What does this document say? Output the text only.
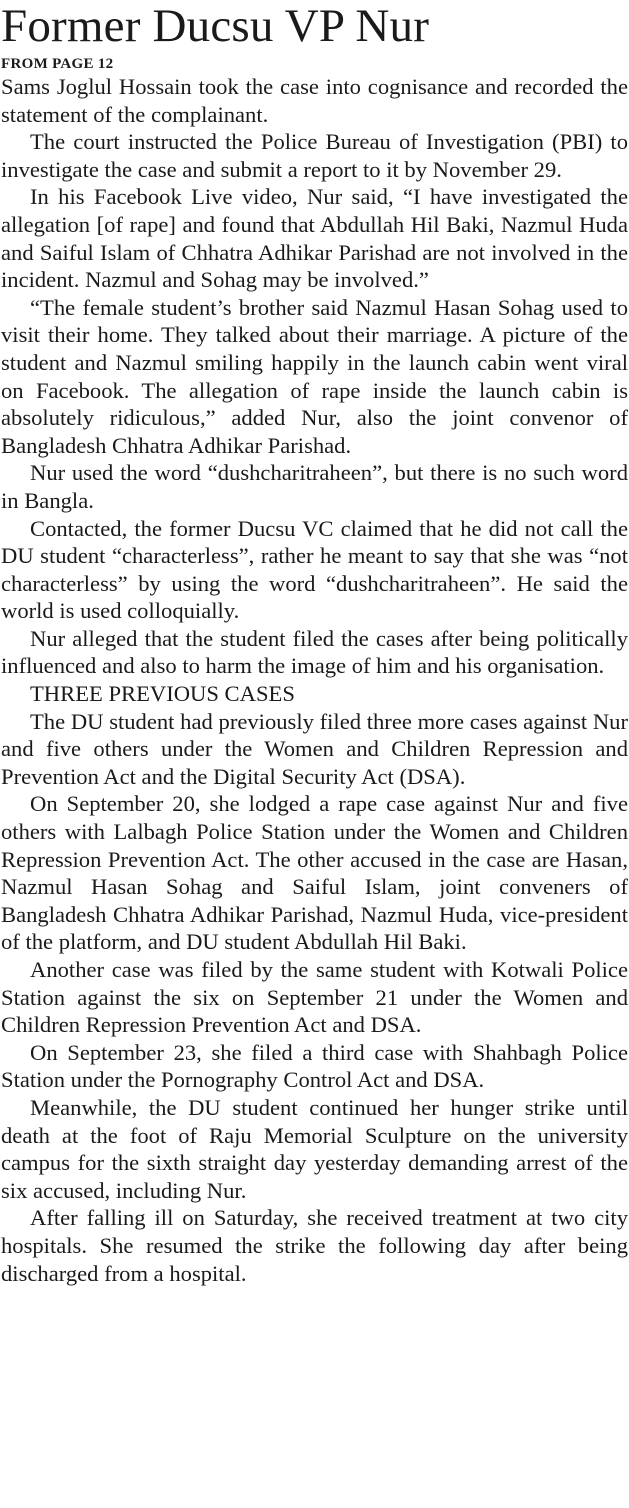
Former Ducsu VP Nur
FROM PAGE 12

Sams Joglul Hossain took the case into cognisance and recorded the statement of the complainant.

The court instructed the Police Bureau of Investigation (PBI) to investigate the case and submit a report to it by November 29.

In his Facebook Live video, Nur said, “I have investigated the allegation [of rape] and found that Abdullah Hil Baki, Nazmul Huda and Saiful Islam of Chhatra Adhikar Parishad are not involved in the incident. Nazmul and Sohag may be involved.”

“The female student’s brother said Nazmul Hasan Sohag used to visit their home. They talked about their marriage. A picture of the student and Nazmul smiling happily in the launch cabin went viral on Facebook. The allegation of rape inside the launch cabin is absolutely ridiculous,” added Nur, also the joint convenor of Bangladesh Chhatra Adhikar Parishad.

Nur used the word “dushcharitraheen”, but there is no such word in Bangla.

Contacted, the former Ducsu VC claimed that he did not call the DU student “characterless”, rather he meant to say that she was “not characterless” by using the word “dushcharitraheen”. He said the world is used colloquially.

Nur alleged that the student filed the cases after being politically influenced and also to harm the image of him and his organisation.

THREE PREVIOUS CASES

The DU student had previously filed three more cases against Nur and five others under the Women and Children Repression and Prevention Act and the Digital Security Act (DSA).

On September 20, she lodged a rape case against Nur and five others with Lalbagh Police Station under the Women and Children Repression Prevention Act. The other accused in the case are Hasan, Nazmul Hasan Sohag and Saiful Islam, joint conveners of Bangladesh Chhatra Adhikar Parishad, Nazmul Huda, vice-president of the platform, and DU student Abdullah Hil Baki.

Another case was filed by the same student with Kotwali Police Station against the six on September 21 under the Women and Children Repression Prevention Act and DSA.

On September 23, she filed a third case with Shahbagh Police Station under the Pornography Control Act and DSA.

Meanwhile, the DU student continued her hunger strike until death at the foot of Raju Memorial Sculpture on the university campus for the sixth straight day yesterday demanding arrest of the six accused, including Nur.

After falling ill on Saturday, she received treatment at two city hospitals. She resumed the strike the following day after being discharged from a hospital.
